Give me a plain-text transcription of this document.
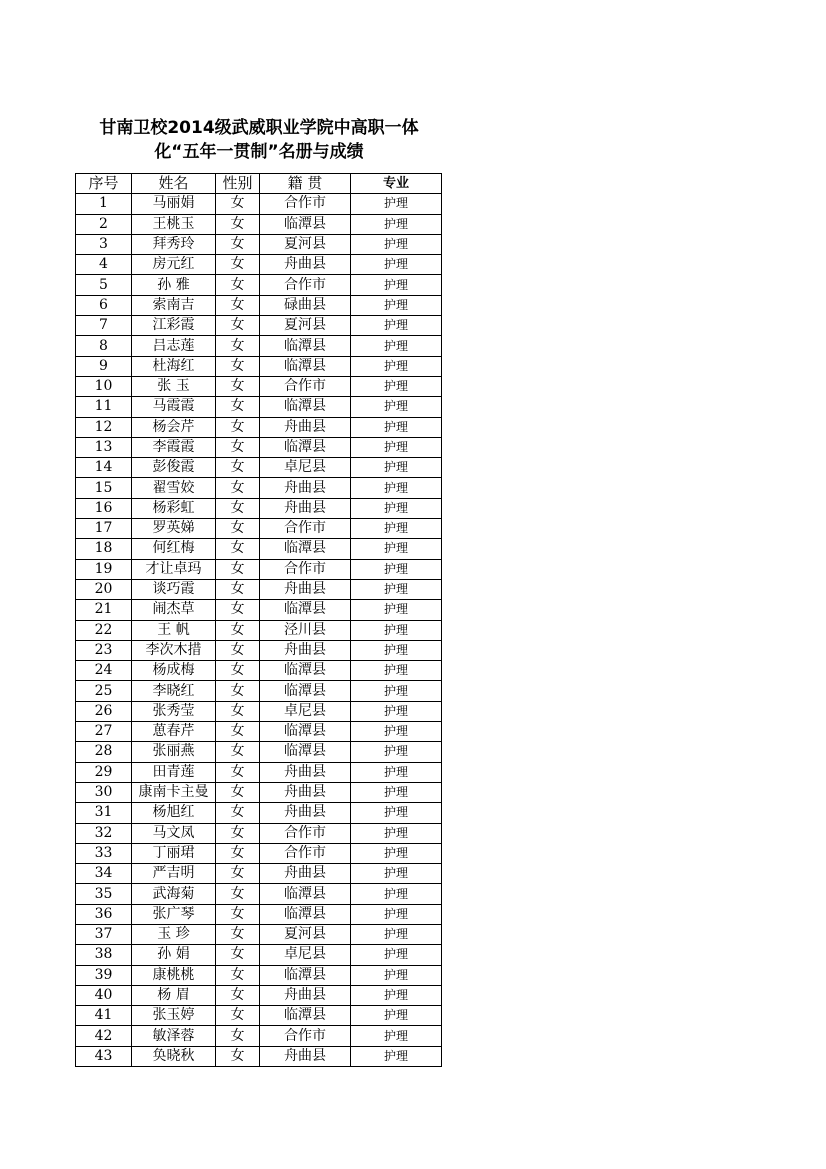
甘南卫校2014级武威职业学院中高职一体
化“五年一贯制”名册与成绩
序号	姓名	性别	籍 贯	专业
1	马丽娟	女	合作市	护理
2	王桃玉	女	临潭县	护理
3	拜秀玲	女	夏河县	护理
4	房元红	女	舟曲县	护理
5	孙 雅	女	合作市	护理
6	索南吉	女	碌曲县	护理
7	江彩霞	女	夏河县	护理
8	吕志莲	女	临潭县	护理
9	杜海红	女	临潭县	护理
10	张 玉	女	合作市	护理
11	马霞霞	女	临潭县	护理
12	杨会芹	女	舟曲县	护理
13	李霞霞	女	临潭县	护理
14	彭俊霞	女	卓尼县	护理
15	翟雪姣	女	舟曲县	护理
16	杨彩虹	女	舟曲县	护理
17	罗英娣	女	合作市	护理
18	何红梅	女	临潭县	护理
19	才让卓玛	女	合作市	护理
20	谈巧霞	女	舟曲县	护理
21	闹杰草	女	临潭县	护理
22	王 帆	女	泾川县	护理
23	李次木措	女	舟曲县	护理
24	杨成梅	女	临潭县	护理
25	李晓红	女	临潭县	护理
26	张秀莹	女	卓尼县	护理
27	葸春芹	女	临潭县	护理
28	张丽燕	女	临潭县	护理
29	田青莲	女	舟曲县	护理
30	康南卡主曼	女	舟曲县	护理
31	杨旭红	女	舟曲县	护理
32	马文凤	女	合作市	护理
33	丁丽珺	女	合作市	护理
34	严吉明	女	舟曲县	护理
35	武海菊	女	临潭县	护理
36	张广琴	女	临潭县	护理
37	玉 珍	女	夏河县	护理
38	孙 娟	女	卓尼县	护理
39	康桃桃	女	临潭县	护理
40	杨 眉	女	舟曲县	护理
41	张玉婷	女	临潭县	护理
42	敏泽蓉	女	合作市	护理
43	奂晓秋	女	舟曲县	护理
